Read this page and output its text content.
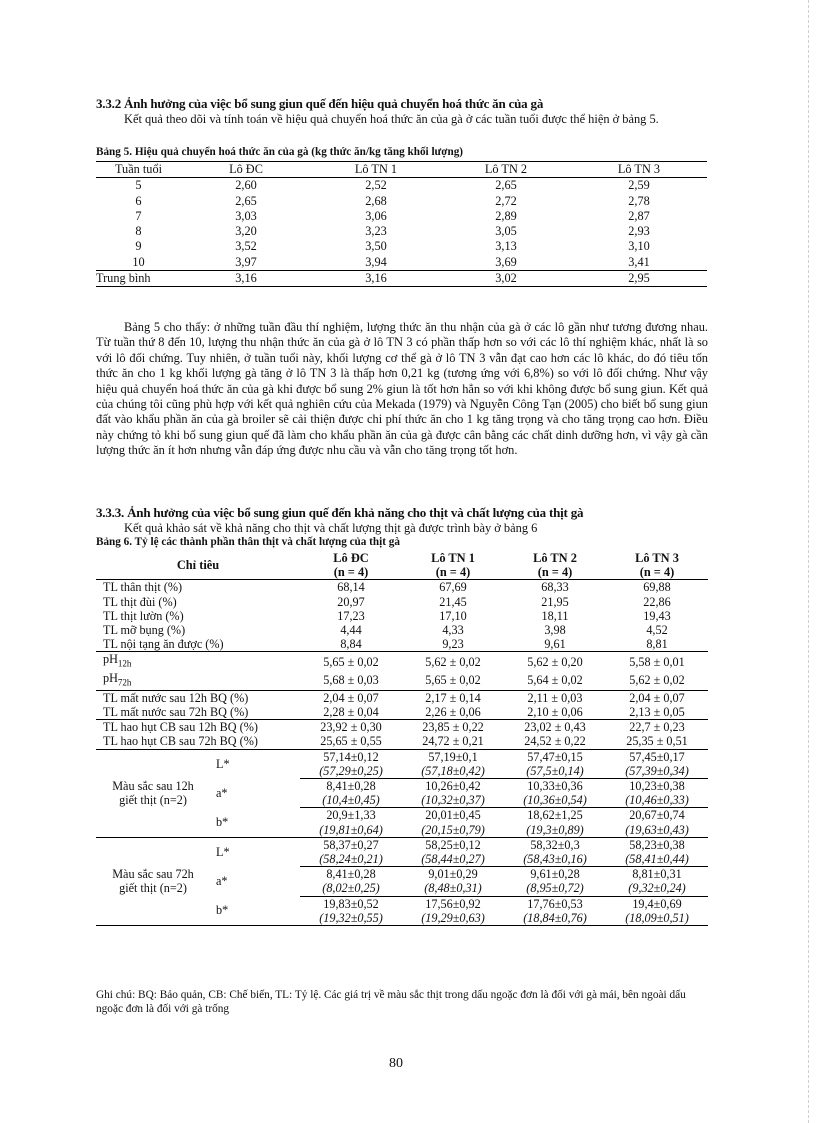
3.3.2 Ảnh hưởng của việc bổ sung giun quế đến hiệu quả chuyển hoá thức ăn của gà
Kết quả theo dõi và tính toán về hiệu quả chuyển hoá thức ăn của gà ở các tuần tuổi được thể hiện ở bảng 5.
Bảng 5. Hiệu quả chuyển hoá thức ăn của gà (kg thức ăn/kg tăng khối lượng)
Tuần tuổi	Lô ĐC	Lô TN 1	Lô TN 2	Lô TN 3
5	2,60	2,52	2,65	2,59
6	2,65	2,68	2,72	2,78
7	3,03	3,06	2,89	2,87
8	3,20	3,23	3,05	2,93
9	3,52	3,50	3,13	3,10
10	3,97	3,94	3,69	3,41
Trung bình	3,16	3,16	3,02	2,95
Bảng 5 cho thấy: ở những tuần đầu thí nghiệm, lượng thức ăn thu nhận của gà ở các lô gần như tương đương nhau. Từ tuần thứ 8 đến 10, lượng thu nhận thức ăn của gà ở lô TN 3 có phần thấp hơn so với các lô thí nghiệm khác, nhất là so với lô đối chứng. Tuy nhiên, ở tuần tuổi này, khối lượng cơ thể gà ở lô TN 3 vẫn đạt cao hơn các lô khác, do đó tiêu tốn thức ăn cho 1 kg khối lượng gà tăng ở lô TN 3 là thấp hơn 0,21 kg (tương ứng với 6,8%) so với lô đối chứng. Như vậy hiệu quả chuyển hoá thức ăn của gà khi được bổ sung 2% giun là tốt hơn hẳn so với khi không được bổ sung giun. Kết quả của chúng tôi cũng phù hợp với kết quả nghiên cứu của Mekada (1979) và Nguyễn Công Tạn (2005) cho biết bổ sung giun đất vào khẩu phần ăn của gà broiler sẽ cải thiện được chi phí thức ăn cho 1 kg tăng trọng và cho tăng trọng cao hơn. Điều này chứng tỏ khi bổ sung giun quế đã làm cho khẩu phần ăn của gà được cân bằng các chất dinh dưỡng hơn, vì vậy gà cần lượng thức ăn ít hơn nhưng vẫn đáp ứng được nhu cầu và vẫn cho tăng trọng tốt hơn.
3.3.3. Ảnh hưởng của việc bổ sung giun quế đến khả năng cho thịt và chất lượng của thịt gà
Kết quả khảo sát về khả năng cho thịt và chất lượng thịt gà được trình bày ở bảng 6
Bảng 6. Tỷ lệ các thành phần thân thịt và chất lượng của thịt gà
Chỉ tiêu		Lô ĐC	Lô TN 1	Lô TN 2	Lô TN 3
		(n = 4)	(n = 4)	(n = 4)	(n = 4)
TL thân thịt (%)		68,14	67,69	68,33	69,88
TL thịt đùi (%)		20,97	21,45	21,95	22,86
TL thịt lườn (%)		17,23	17,10	18,11	19,43
TL mỡ bụng (%)		4,44	4,33	3,98	4,52
TL nội tạng ăn được (%)		8,84	9,23	9,61	8,81
$pH_{12h}$		5,65 ± 0,02	5,62 ± 0,02	5,62 ± 0,20	5,58 ± 0,01
$pH_{72h}$		5,68 ± 0,03	5,65 ± 0,02	5,64 ± 0,02	5,62 ± 0,02
TL mất nước sau 12h BQ (%)		2,04 ± 0,07	2,17 ± 0,14	2,11 ± 0,03	2,04 ± 0,07
TL mất nước sau 72h BQ (%)		2,28 ± 0,04	2,26 ± 0,06	2,10 ± 0,06	2,13 ± 0,05
TL hao hụt CB sau 12h BQ (%)		23,92 ± 0,30	23,85 ± 0,22	23,02 ± 0,43	22,7 ± 0,23
TL hao hụt CB sau 72h BQ (%)		25,65 ± 0,55	24,72 ± 0,21	24,52 ± 0,22	25,35 ± 0,51

Màu sắc sau 12h
giết thịt (n=2)	L*	57,14±0,12	57,19±0,1	57,47±0,15	57,45±0,17
		(57,29±0,25)	(57,18±0,42)	(57,5±0,14)	(57,39±0,34)
	a*	8,41±0,28	10,26±0,42	10,33±0,36	10,23±0,38
		(10,4±0,45)	(10,32±0,37)	(10,36±0,54)	(10,46±0,33)
	b*	20,9±1,33	20,01±0,45	18,62±1,25	20,67±0,74
		(19,81±0,64)	(20,15±0,79)	(19,3±0,89)	(19,63±0,43)

Màu sắc sau 72h
giết thịt (n=2)	L*	58,37±0,27	58,25±0,12	58,32±0,3	58,23±0,38
		(58,24±0,21)	(58,44±0,27)	(58,43±0,16)	(58,41±0,44)
	a*	8,41±0,28	9,01±0,29	9,61±0,28	8,81±0,31
		(8,02±0,25)	(8,48±0,31)	(8,95±0,72)	(9,32±0,24)
	b*	19,83±0,52	17,56±0,92	17,76±0,53	19,4±0,69
		(19,32±0,55)	(19,29±0,63)	(18,84±0,76)	(18,09±0,51)
Ghi chú: BQ: Bảo quản, CB: Chế biến, TL: Tỷ lệ. Các giá trị về màu sắc thịt trong dấu ngoặc đơn là đối với gà mái, bên ngoài dấu ngoặc đơn là đối với gà trống
80
